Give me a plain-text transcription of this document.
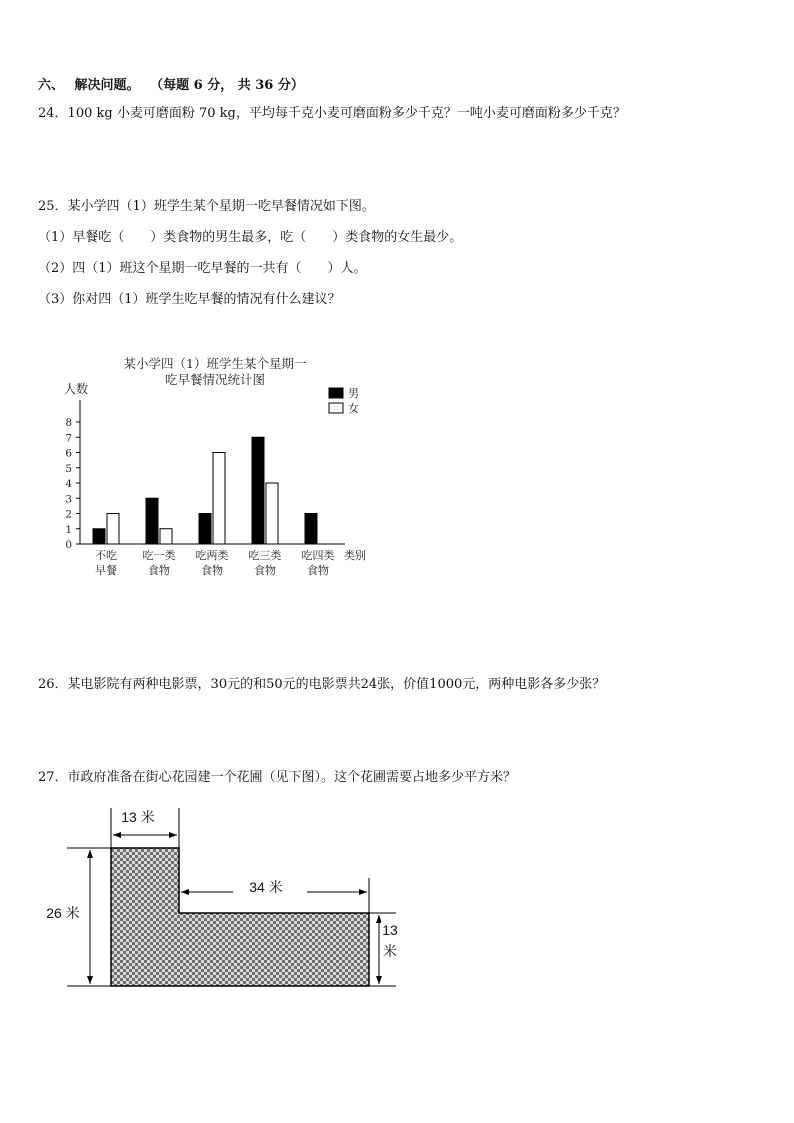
六、 解决问题。 （每题 6 分， 共 36 分）
24．100 kg 小麦可磨面粉 70 kg，平均每千克小麦可磨面粉多少千克？一吨小麦可磨面粉多少千克？
25．某小学四（1）班学生某个星期一吃早餐情况如下图。
（1）早餐吃（　　）类食物的男生最多，吃（　　）类食物的女生最少。
（2）四（1）班这个星期一吃早餐的一共有（　　）人。
（3）你对四（1）班学生吃早餐的情况有什么建议？
某小学四（1）班学生某个星期一
吃早餐情况统计图
人数
0
1
2
3
4
5
6
7
8
不吃
早餐
吃一类
食物
吃两类
食物
吃三类
食物
吃四类
食物
类别
男
女
26．某电影院有两种电影票，30元的和50元的电影票共24张，价值1000元，两种电影各多少张？
27．市政府准备在街心花园建一个花圃（见下图）。这个花圃需要占地多少平方米？
13 米
26 米
34 米
13
米
